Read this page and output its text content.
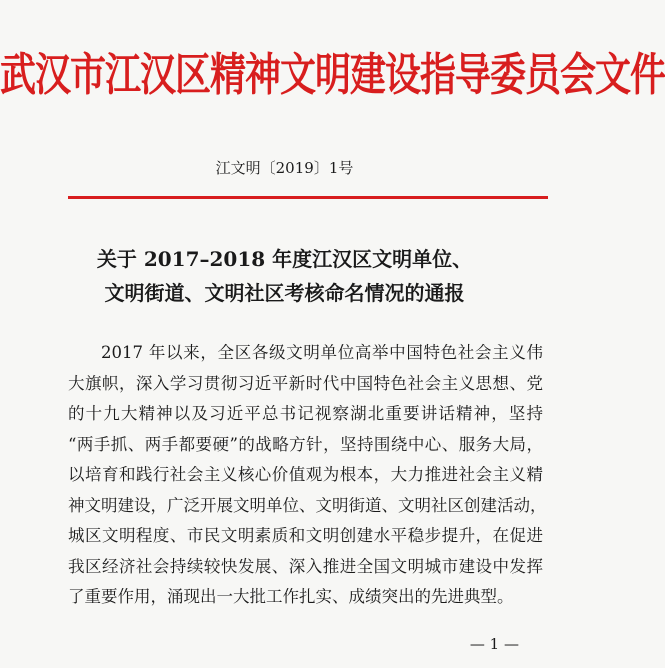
武汉市江汉区精神文明建设指导委员会文件
江文明〔2019〕1号
关于 2017–2018 年度江汉区文明单位、
文明街道、文明社区考核命名情况的通报
2017 年以来，全区各级文明单位高举中国特色社会主义伟
大旗帜，深入学习贯彻习近平新时代中国特色社会主义思想、党
的十九大精神以及习近平总书记视察湖北重要讲话精神，坚持
“两手抓、两手都要硬”的战略方针，坚持围绕中心、服务大局，
以培育和践行社会主义核心价值观为根本，大力推进社会主义精
神文明建设，广泛开展文明单位、文明街道、文明社区创建活动，
城区文明程度、市民文明素质和文明创建水平稳步提升，在促进
我区经济社会持续较快发展、深入推进全国文明城市建设中发挥
了重要作用，涌现出一大批工作扎实、成绩突出的先进典型。
— 1 —
